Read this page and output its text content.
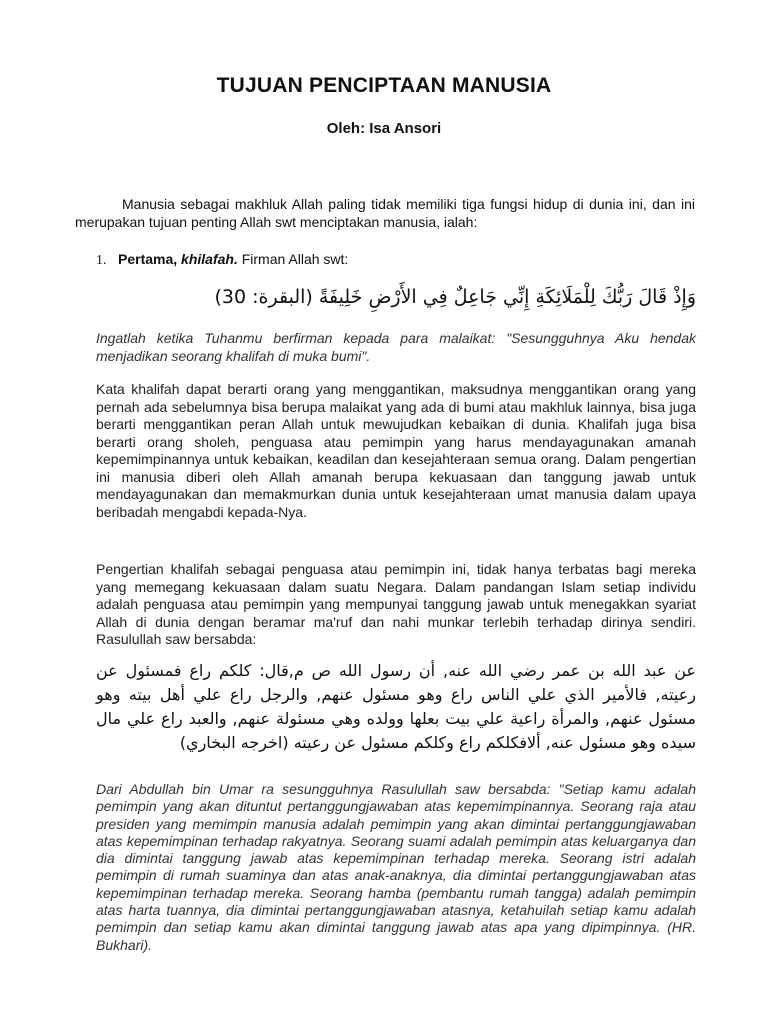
TUJUAN PENCIPTAAN MANUSIA
Oleh: Isa Ansori
Manusia sebagai makhluk Allah paling tidak memiliki tiga fungsi hidup di dunia ini, dan ini merupakan tujuan penting Allah swt menciptakan manusia, ialah:
1. Pertama, khilafah. Firman Allah swt:
وَإِذْ قَالَ رَبُّكَ لِلْمَلَائِكَةِ إِنِّي جَاعِلٌ فِي الأَرْضِ خَلِيفَةً (البقرة: 30)
Ingatlah ketika Tuhanmu berfirman kepada para malaikat: "Sesungguhnya Aku hendak menjadikan seorang khalifah di muka bumi".
Kata khalifah dapat berarti orang yang menggantikan, maksudnya menggantikan orang yang pernah ada sebelumnya bisa berupa malaikat yang ada di bumi atau makhluk lainnya, bisa juga berarti menggantikan peran Allah untuk mewujudkan kebaikan di dunia. Khalifah juga bisa berarti orang sholeh, penguasa atau pemimpin yang harus mendayagunakan amanah kepemimpinannya untuk kebaikan, keadilan dan kesejahteraan semua orang. Dalam pengertian ini manusia diberi oleh Allah amanah berupa kekuasaan dan tanggung jawab untuk mendayagunakan dan memakmurkan dunia untuk kesejahteraan umat manusia dalam upaya beribadah mengabdi kepada-Nya.
Pengertian khalifah sebagai penguasa atau pemimpin ini, tidak hanya terbatas bagi mereka yang memegang kekuasaan dalam suatu Negara. Dalam pandangan Islam setiap individu adalah penguasa atau pemimpin yang mempunyai tanggung jawab untuk menegakkan syariat Allah di dunia dengan beramar ma'ruf dan nahi munkar terlebih terhadap dirinya sendiri. Rasulullah saw bersabda:
عن عبد الله بن عمر رضي الله عنه, أن رسول الله ص م,قال: كلكم راع فمسئول عن رعيته, فالأمير الذي علي الناس راع وهو مسئول عنهم, والرجل راع علي أهل بيته وهو مسئول عنهم, والمرأة راعية علي بيت بعلها وولده وهي مسئولة عنهم, والعبد راع علي مال سيده وهو مسئول عنه, ألافكلكم راع وكلكم مسئول عن رعيته (اخرجه البخاري)
Dari Abdullah bin Umar ra sesungguhnya Rasulullah saw bersabda: "Setiap kamu adalah pemimpin yang akan dituntut pertanggungjawaban atas kepemimpinannya. Seorang raja atau presiden yang memimpin manusia adalah pemimpin yang akan dimintai pertanggungjawaban atas kepemimpinan terhadap rakyatnya. Seorang suami adalah pemimpin atas keluarganya dan dia dimintai tanggung jawab atas kepemimpinan terhadap mereka. Seorang istri adalah pemimpin di rumah suaminya dan atas anak-anaknya, dia dimintai pertanggungjawaban atas kepemimpinan terhadap mereka. Seorang hamba (pembantu rumah tangga) adalah pemimpin atas harta tuannya, dia dimintai pertanggungjawaban atasnya, ketahuilah setiap kamu adalah pemimpin dan setiap kamu akan dimintai tanggung jawab atas apa yang dipimpinnya. (HR. Bukhari).
